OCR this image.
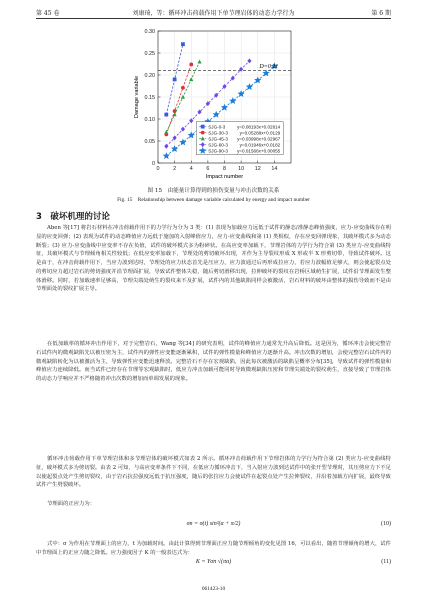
第 45 卷	刘康琦，等：循环冲击荷载作用下单节理岩体的动态力学行为	第 6 期
0	2	4	6	8 10 12 14
0
0.05
0.10
0.15
0.20
0.25
0.30
SJG-0-3	y=0.08193x+0.02614
SJG-30-3	y=0.05288x+0.0129
SJG-45-3 y=0.03998x+0.02967
SJG-60-3	y=0.01946x+0.0182
SJG-90-3 y=0.01566x+0.00055
Impact number
Damage variable
D=0.21
图 15　由能量计算得到的损伤变量与冲击次数的关系
Fig. 15　Relationship between damage variable calculated by energy and impact number
3　破坏机理的讨论

Aben 等[17] 将岩石材料在冲击荷载作用下的力学行为分为 3 类：(1) 表现为加载应力远低于试件的静态/准静态峰值强度，应力-应变曲线存在明显的应变回弹；(2) 表现为试件的动态峰值应力远低于施加的入射峰值应力，应力-应变曲线和第 (1) 类相似，存在应变回弹现象，其破坏模式多为动态断裂；(3) 应力-应变曲线中应变率不存在负值，试件的破坏模式多为粉碎状。在高应变率加载下，节理岩体的力学行为符合第 (3) 类应力-应变曲线特征，其破坏模式与节理倾角相关性较低；在低应变率加载下，节理处的剪切破坏出现，并作为主导裂纹形成 X 形或半 X 形剪切带，导致试件破坏。这是由于，在冲击荷载作用下，当应力波到达时，节理处的应力状态首先是压应力，应力波通过后再形成拉应力，若应力波幅值足够大，则会使起裂点处的剪切应力超过岩石的剪切强度并沿节理面扩展，导致试件整体失稳，随后剪切滑移出现，拉伸破坏的裂纹在岩桥区域萌生扩展，试件沿节理面发生整体滑移。同时，若加载速率足够高，节理尖端处萌生的裂纹来不及扩展，试件内的其他缺陷同样会被激活，岩石材料的破坏由整体的损伤导致而不是由节理面处的裂纹扩展主导。

在低加载率的循环冲击作用下，对于完整岩石，Wang 等[34] 的研究表明，试件的峰值应力通常先升高后降低。这是因为，循环冲击会使完整岩石试件内的微观缺陷先以被压密为主，试件内的弹性应变能逐渐累积，试件的弹性模量和峰值应力逐渐升高。冲击次数的增加，会使完整岩石试件内的微观缺陷转化为以被激活为主，导致弹性应变能迅速释放。完整岩石不存在宏观缺陷，因此每次被激活的缺陷呈概率分布[35]，导致试件的弹性模量和峰值应力连续降低。而当试件已经存在节理等宏观缺陷时，低应力冲击加载可能同时导致微观缺陷压密和节理尖端处的裂纹萌生，直接导致了节理岩体的动态力学响应并不严格随着冲击次数的增加而单调发展的现象。

循环冲击荷载作用下单节理岩体和多节理岩体的破坏模式如表 2 所示。循环冲击荷载作用下节理岩体的力学行为符合第 (2) 类应力-应变曲线特征，破坏模式多为剪切裂。由表 2 可知，与高应变率条件下不同，在低应力循环冲击下，当入射应力波到达试件中的张开型节理时，其压剪应力下不足以使起裂点处产生剪切裂纹，由于岩石抗拉强度远低于抗压强度，随后的张拉应力会使试件在起裂点处产生拉伸裂纹，并沿着加载方向扩展，最终导致试件产生劈裂破坏。

节理面的正应力为：

σn = σ(t) sin²(α + π/2)	(10)

式中：σ 为作用在节理面上的应力，t 为加载时间。由此计算得到节理面正应力随节理倾角的变化见图 16，可以看出，随着节理倾角的增大，试件中节理面上的正应力随之降低。应力强度因子 K 的一般表达式为：

K = Yσn √(πa)	(11)
061423-10
